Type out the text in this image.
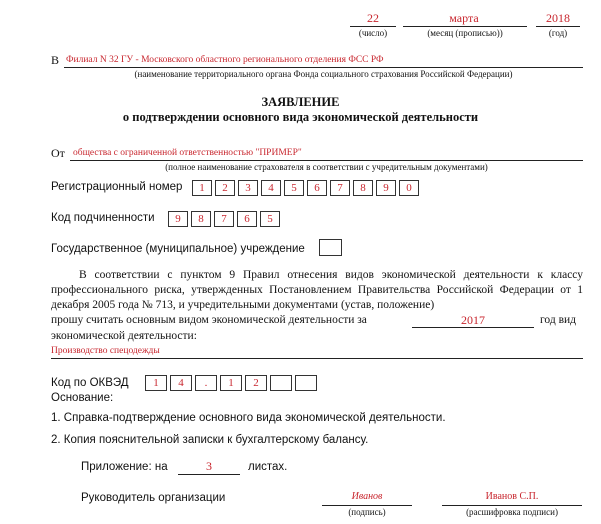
22
(число)
марта
(месяц (прописью))
2018
(год)
В Филиал N 32 ГУ - Московского областного регионального отделения ФСС РФ
(наименование территориального органа Фонда социального страхования Российской Федерации)
ЗАЯВЛЕНИЕ
о подтверждении основного вида экономической деятельности
От общества с ограниченной ответственностью "ПРИМЕР"
(полное наименование страхователя в соответствии с учредительным документами)
Регистрационный номер	1	2	3	4	5	6	7	8	9	0
Код подчиненности	9	8	7	6	5
Государственное (муниципальное) учреждение
В соответствии с пунктом 9 Правил отнесения видов экономической деятельности к классу профессионального риска, утвержденных Постановлением Правительства Российской Федерации от 1 декабря 2005 года № 713, и учредительными документами (устав, положение)
прошу считать основным видом экономической деятельности за	2017	год вид
экономической деятельности:
Производство спецодежды
Код по ОКВЭД	1	4	.	1	2
Основание:
1. Справка-подтверждение основного вида экономической деятельности.
2. Копия пояснительной записки к бухгалтерскому балансу.
Приложение: на	3	листах.
Руководитель организации	Иванов
(подпись)
Иванов С.П.
(расшифровка подписи)
